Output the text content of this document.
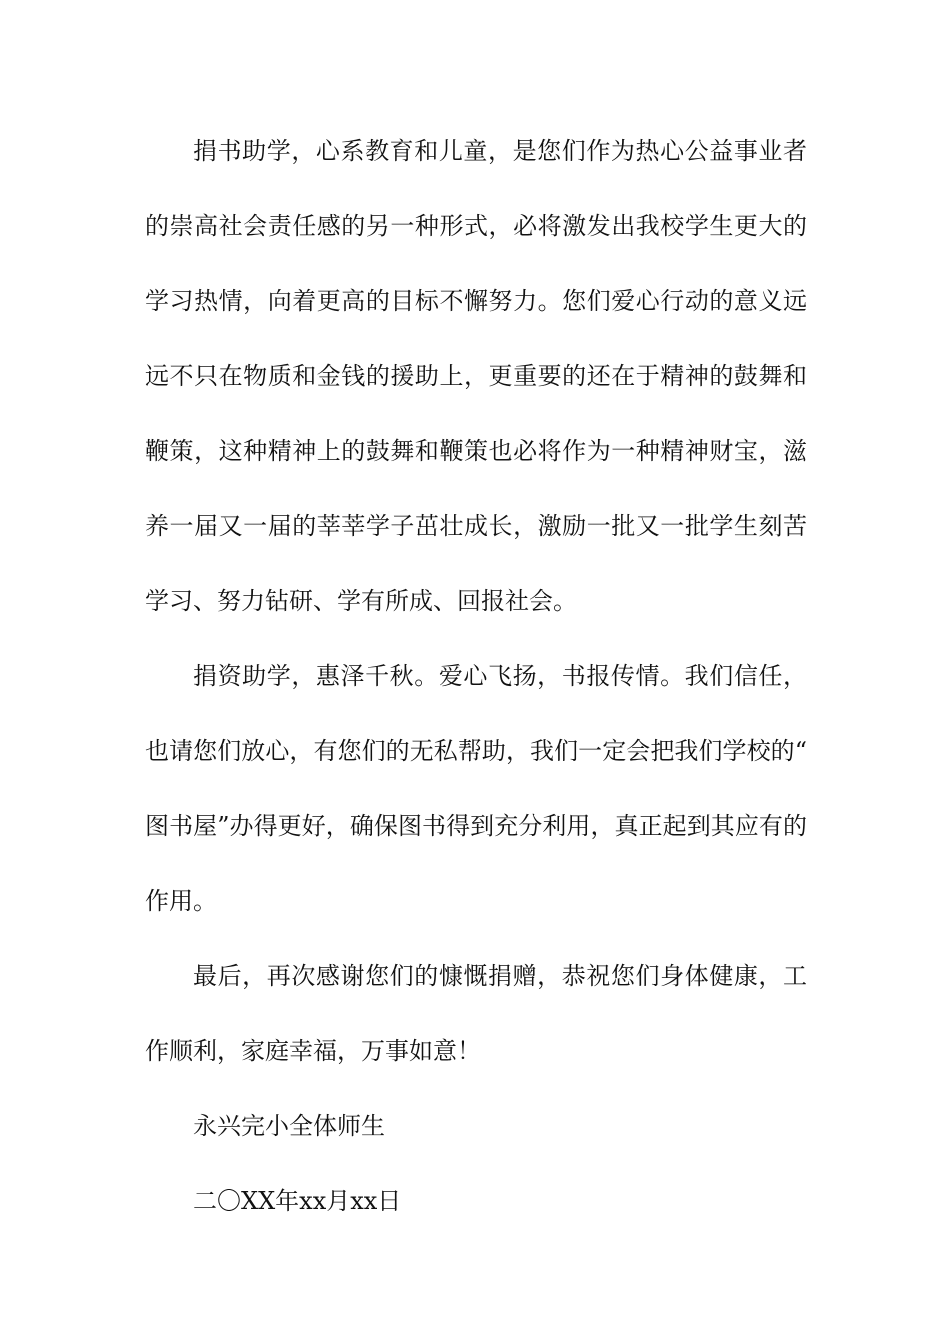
捐书助学，心系教育和儿童，是您们作为热心公益事业者的崇高社会责任感的另一种形式，必将激发出我校学生更大的学习热情，向着更高的目标不懈努力。您们爱心行动的意义远远不只在物质和金钱的援助上，更重要的还在于精神的鼓舞和鞭策，这种精神上的鼓舞和鞭策也必将作为一种精神财宝，滋养一届又一届的莘莘学子茁壮成长，激励一批又一批学生刻苦学习、努力钻研、学有所成、回报社会。

捐资助学，惠泽千秋。爱心飞扬，书报传情。我们信任，也请您们放心，有您们的无私帮助，我们一定会把我们学校的“图书屋”办得更好，确保图书得到充分利用，真正起到其应有的作用。

最后，再次感谢您们的慷慨捐赠，恭祝您们身体健康，工作顺利，家庭幸福，万事如意！

永兴完小全体师生

二〇XX年xx月xx日
